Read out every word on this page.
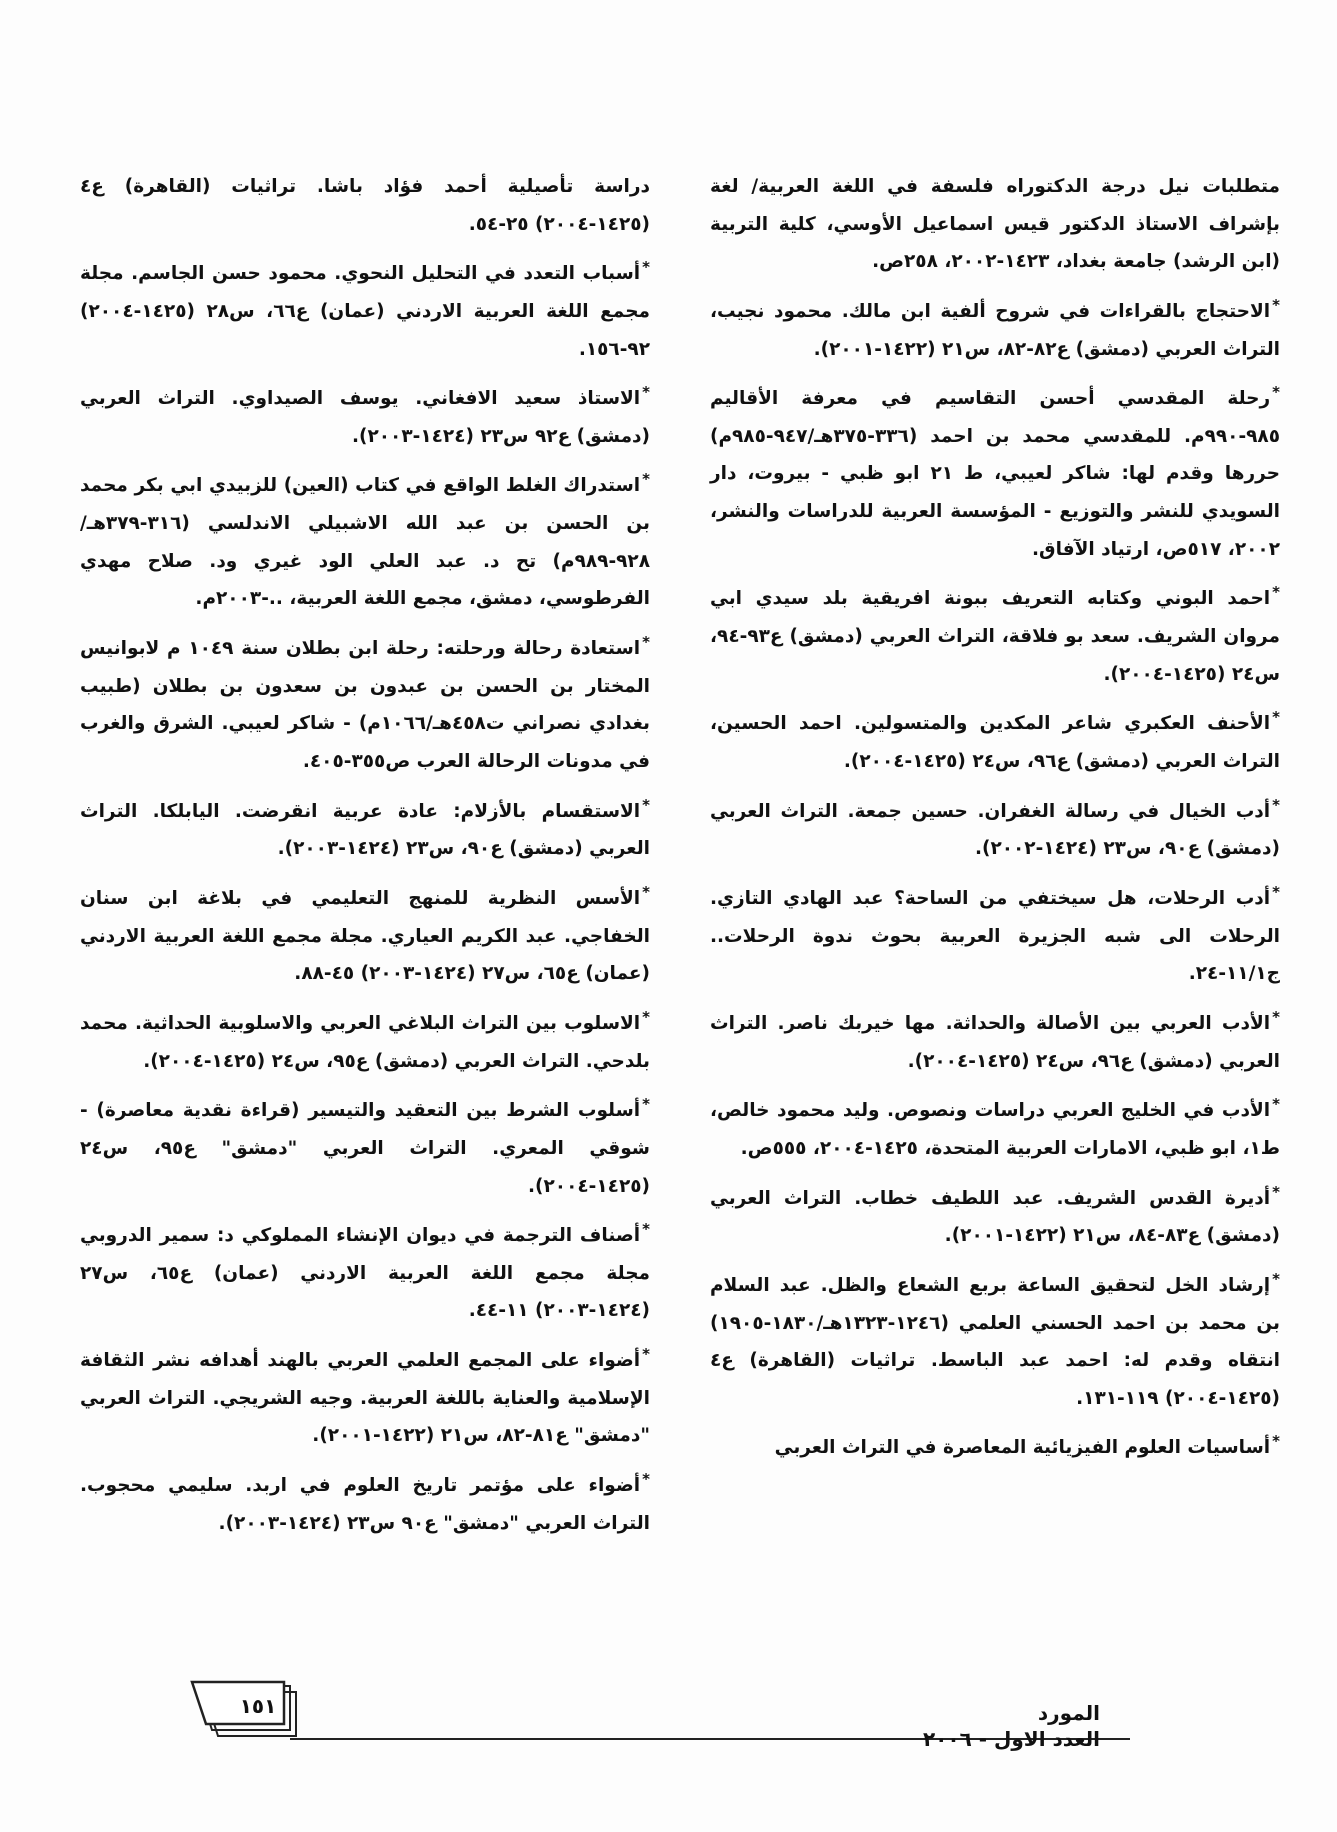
متطلبات نيل درجة الدكتوراه فلسفة في اللغة العربية/ لغة بإشراف الاستاذ الدكتور قيس اسماعيل الأوسي، كلية التربية (ابن الرشد) جامعة بغداد، ١٤٢٣-٢٠٠٢، ٢٥٨ص.

*الاحتجاج بالقراءات في شروح ألفية ابن مالك. محمود نجيب، التراث العربي (دمشق) ع٨٢-٨٢، س٢١ (١٤٢٢-٢٠٠١).

*رحلة المقدسي أحسن التقاسيم في معرفة الأقاليم ٩٨٥-٩٩٠م. للمقدسي محمد بن احمد (٣٣٦-٣٧٥هـ/٩٤٧-٩٨٥م) حررها وقدم لها: شاكر لعيبي، ط ٢١ ابو ظبي - بيروت، دار السويدي للنشر والتوزيع - المؤسسة العربية للدراسات والنشر، ٢٠٠٢، ٥١٧ص، ارتياد الآفاق.

*احمد البوني وكتابه التعريف ببونة افريقية بلد سيدي ابي مروان الشريف. سعد بو فلاقة، التراث العربي (دمشق) ع٩٣-٩٤، س٢٤ (١٤٢٥-٢٠٠٤).

*الأحنف العكبري شاعر المكدين والمتسولين. احمد الحسين، التراث العربي (دمشق) ع٩٦، س٢٤ (١٤٢٥-٢٠٠٤).

*أدب الخيال في رسالة الغفران. حسين جمعة. التراث العربي (دمشق) ع٩٠، س٢٣ (١٤٢٤-٢٠٠٢).

*أدب الرحلات، هل سيختفي من الساحة؟ عبد الهادي التازي. الرحلات الى شبه الجزيرة العربية بحوث ندوة الرحلات.. ج١١/١-٢٤.

*الأدب العربي بين الأصالة والحداثة. مها خيربك ناصر. التراث العربي (دمشق) ع٩٦، س٢٤ (١٤٢٥-٢٠٠٤).

*الأدب في الخليج العربي دراسات ونصوص. وليد محمود خالص، ط١، ابو ظبي، الامارات العربية المتحدة، ١٤٢٥-٢٠٠٤، ٥٥٥ص.

*أديرة القدس الشريف. عبد اللطيف خطاب. التراث العربي (دمشق) ع٨٣-٨٤، س٢١ (١٤٢٢-٢٠٠١).

*إرشاد الخل لتحقيق الساعة بربع الشعاع والظل. عبد السلام بن محمد بن احمد الحسني العلمي (١٢٤٦-١٣٢٣هـ/١٨٣٠-١٩٠٥) انتقاه وقدم له: احمد عبد الباسط. تراثيات (القاهرة) ع٤ (١٤٢٥-٢٠٠٤) ١١٩-١٣١.

*أساسيات العلوم الفيزيائية المعاصرة في التراث العربي

دراسة تأصيلية أحمد فؤاد باشا. تراثيات (القاهرة) ع٤ (١٤٢٥-٢٠٠٤) ٢٥-٥٤.

*أسباب التعدد في التحليل النحوي. محمود حسن الجاسم. مجلة مجمع اللغة العربية الاردني (عمان) ع٦٦، س٢٨ (١٤٢٥-٢٠٠٤) ٩٢-١٥٦.

*الاستاذ سعيد الافغاني. يوسف الصيداوي. التراث العربي (دمشق) ع٩٢ س٢٣ (١٤٢٤-٢٠٠٣).

*استدراك الغلط الواقع في كتاب (العين) للزبيدي ابي بكر محمد بن الحسن بن عبد الله الاشبيلي الاندلسي (٣١٦-٣٧٩هـ/٩٢٨-٩٨٩م) تح د. عبد العلي الود غيري ود. صلاح مهدي الفرطوسي، دمشق، مجمع اللغة العربية، ..-٢٠٠٣م.

*استعادة رحالة ورحلته: رحلة ابن بطلان سنة ١٠٤٩ م لابوانيس المختار بن الحسن بن عبدون بن سعدون بن بطلان (طبيب بغدادي نصراني ت٤٥٨هـ/١٠٦٦م) - شاكر لعيبي. الشرق والغرب في مدونات الرحالة العرب ص٣٥٥-٤٠٥.

*الاستقسام بالأزلام: عادة عربية انقرضت. اليابلكا. التراث العربي (دمشق) ع٩٠، س٢٣ (١٤٢٤-٢٠٠٣).

*الأسس النظرية للمنهج التعليمي في بلاغة ابن سنان الخفاجي. عبد الكريم العياري. مجلة مجمع اللغة العربية الاردني (عمان) ع٦٥، س٢٧ (١٤٢٤-٢٠٠٣) ٤٥-٨٨.

*الاسلوب بين التراث البلاغي العربي والاسلوبية الحداثية. محمد بلدحي. التراث العربي (دمشق) ع٩٥، س٢٤ (١٤٢٥-٢٠٠٤).

*أسلوب الشرط بين التعقيد والتيسير (قراءة نقدية معاصرة) - شوقي المعري. التراث العربي "دمشق" ع٩٥، س٢٤ (١٤٢٥-٢٠٠٤).

*أصناف الترجمة في ديوان الإنشاء المملوكي د: سمير الدروبي مجلة مجمع اللغة العربية الاردني (عمان) ع٦٥، س٢٧ (١٤٢٤-٢٠٠٣) ١١-٤٤.

*أضواء على المجمع العلمي العربي بالهند أهدافه نشر الثقافة الإسلامية والعناية باللغة العربية. وجيه الشريجي. التراث العربي "دمشق" ع٨١-٨٢، س٢١ (١٤٢٢-٢٠٠١).

*أضواء على مؤتمر تاريخ العلوم في اربد. سليمي محجوب. التراث العربي "دمشق" ع٩٠ س٢٣ (١٤٢٤-٢٠٠٣).

١٥١	المورد
العدد الاول - ٢٠٠٦
